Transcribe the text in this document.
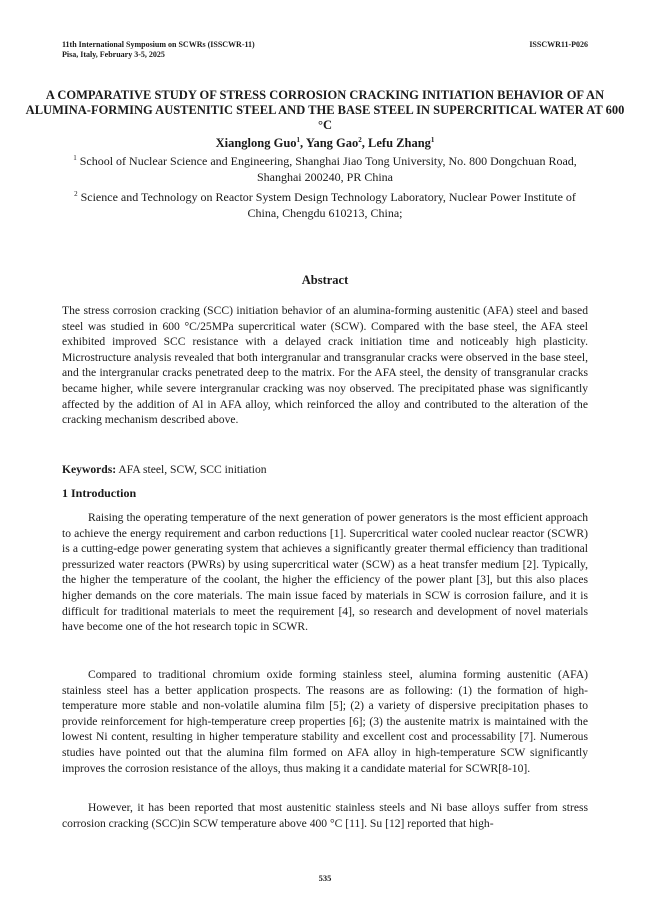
11th International Symposium on SCWRs (ISSCWR-11)
Pisa, Italy, February 3-5, 2025
ISSCWR11-P026
A COMPARATIVE STUDY OF STRESS CORROSION CRACKING INITIATION BEHAVIOR OF AN ALUMINA-FORMING AUSTENITIC STEEL AND THE BASE STEEL IN SUPERCRITICAL WATER AT 600 °C
Xianglong Guo$^1$, Yang Gao$^2$, Lefu Zhang$^1$
$^1$ School of Nuclear Science and Engineering, Shanghai Jiao Tong University, No. 800 Dongchuan Road, Shanghai 200240, PR China
$^2$ Science and Technology on Reactor System Design Technology Laboratory, Nuclear Power Institute of China, Chengdu 610213, China;
Abstract
The stress corrosion cracking (SCC) initiation behavior of an alumina-forming austenitic (AFA) steel and based steel was studied in 600 °C/25MPa supercritical water (SCW). Compared with the base steel, the AFA steel exhibited improved SCC resistance with a delayed crack initiation time and noticeably high plasticity. Microstructure analysis revealed that both intergranular and transgranular cracks were observed in the base steel, and the intergranular cracks penetrated deep to the matrix. For the AFA steel, the density of transgranular cracks became higher, while severe intergranular cracking was noy observed. The precipitated phase was significantly affected by the addition of Al in AFA alloy, which reinforced the alloy and contributed to the alteration of the cracking mechanism described above.
Keywords: AFA steel, SCW, SCC initiation
1 Introduction
Raising the operating temperature of the next generation of power generators is the most efficient approach to achieve the energy requirement and carbon reductions [1]. Supercritical water cooled nuclear reactor (SCWR) is a cutting-edge power generating system that achieves a significantly greater thermal efficiency than traditional pressurized water reactors (PWRs) by using supercritical water (SCW) as a heat transfer medium [2]. Typically, the higher the temperature of the coolant, the higher the efficiency of the power plant [3], but this also places higher demands on the core materials. The main issue faced by materials in SCW is corrosion failure, and it is difficult for traditional materials to meet the requirement [4], so research and development of novel materials have become one of the hot research topic in SCWR.
Compared to traditional chromium oxide forming stainless steel, alumina forming austenitic (AFA) stainless steel has a better application prospects. The reasons are as following: (1) the formation of high-temperature more stable and non-volatile alumina film [5]; (2) a variety of dispersive precipitation phases to provide reinforcement for high-temperature creep properties [6]; (3) the austenite matrix is maintained with the lowest Ni content, resulting in higher temperature stability and excellent cost and processability [7]. Numerous studies have pointed out that the alumina film formed on AFA alloy in high-temperature SCW significantly improves the corrosion resistance of the alloys, thus making it a candidate material for SCWR[8-10].
However, it has been reported that most austenitic stainless steels and Ni base alloys suffer from stress corrosion cracking (SCC)in SCW temperature above 400 °C [11]. Su [12] reported that high-
535
